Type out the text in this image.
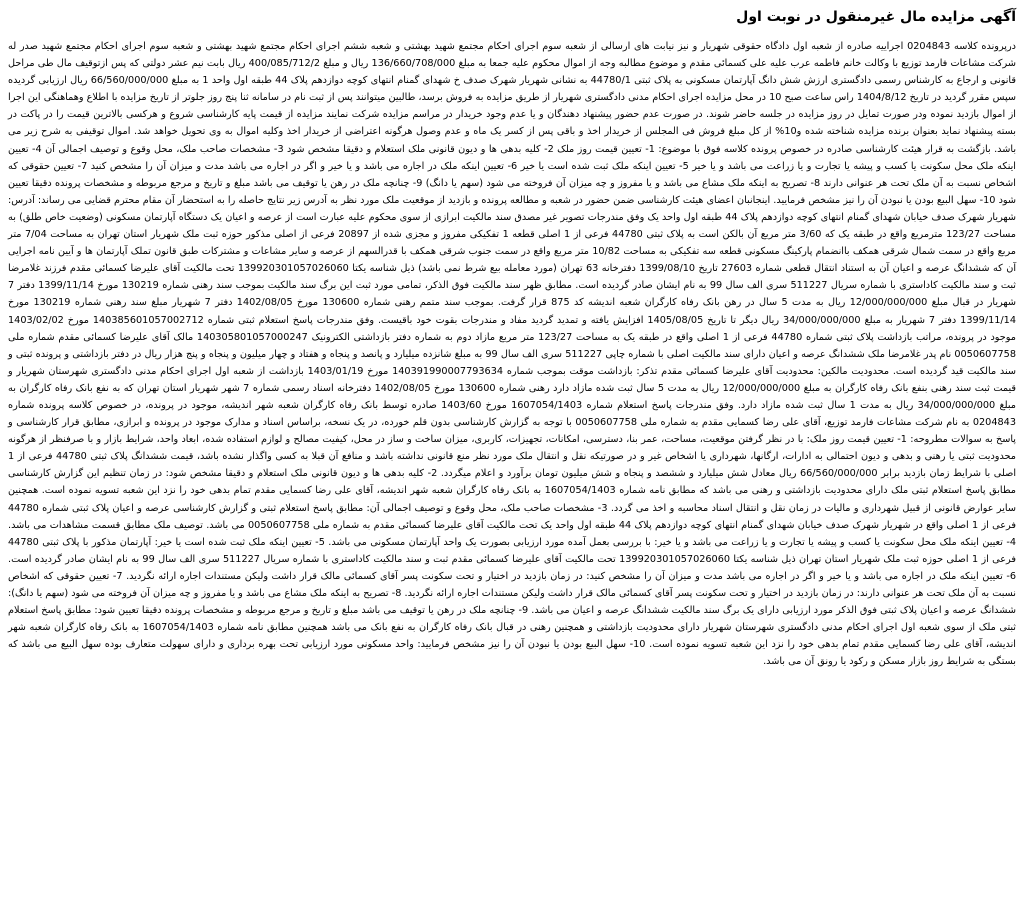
آگهی مزایده مال غیرمنقول در نوبت اول

درپرونده کلاسه 0204843 اجراییه صادره از شعبه اول دادگاه حقوقی شهریار و نیز نیابت های ارسالی از شعبه سوم اجرای احکام مجتمع شهید بهشتی و شعبه ششم اجرای احکام مجتمع شهید بهشتی و شعبه سوم اجرای احکام مجتمع شهید صدر له شرکت مشاعات فارمد توزیع با وکالت خانم فاطمه عرب علیه علی کسمائی مقدم و موضوع مطالبه وجه از اموال محکوم علیه جمعا به مبلغ 136/660/708/000 ریال و مبلغ 400/085/712/2 ریال بابت نیم عشر دولتی که پس ازتوقیف مال طی مراحل قانونی و ارجاع به کارشناس رسمی دادگستری ارزش شش دانگ آپارتمان مسکونی به پلاک ثبتی 44780/1 به نشانی شهریار شهرک صدف خ شهدای گمنام انتهای کوچه دوازدهم پلاک 44 طبقه اول واحد 1 به مبلغ 66/560/000/000 ریال ارزیابی گردیده سپس مقرر گردید در تاریخ 1404/8/12 راس ساعت صبح 10 در محل مزایده اجرای احکام مدنی دادگستری شهریار از طریق مزایده به فروش برسد، طالبین میتوانند پس از ثبت نام در سامانه ثنا پنج روز جلوتر از تاریخ مزایده با اطلاع وهماهنگی این اجرا از اموال بازدید نموده ودر صورت تمایل در روز مزایده در جلسه حاضر شوند. در صورت عدم حضور پیشنهاد دهندگان و یا عدم وجود خریدار در مراسم مزایده شرکت نمایند مزایده از قیمت پایه کارشناسی شروع و هرکسی بالاترین قیمت را در پاکت در بسته پیشنهاد نماید بعنوان برنده مزایده شناخته شده و10% از کل مبلغ فروش فی المجلس از خریدار اخذ و باقی پس از کسر یک ماه و عدم وصول هرگونه اعتراضی از خریدار اخذ وکلیه اموال به وی تحویل خواهد شد. اموال توقیفی به شرح زیر می باشد. بازگشت به قرار هیئت کارشناسی صادره در خصوص پرونده کلاسه فوق با موضوع: 1- تعیین قیمت روز ملک 2- کلیه بدهی ها و دیون قانونی ملک استعلام و دقیقا مشخص شود 3- مشخصات صاحب ملک، محل وقوع و توصیف اجمالی آن 4- تعیین اینکه ملک محل سکونت یا کسب و پیشه یا تجارت و یا زراعت می باشد و یا خیر 5- تعیین اینکه ملک ثبت شده است یا خیر 6- تعیین اینکه ملک در اجاره می باشد و یا خیر و اگر در اجاره می باشد مدت و میزان آن را مشخص کنید 7- تعیین حقوقی که اشخاص نسبت به آن ملک تحت هر عنوانی دارند 8- تصریح به اینکه ملک مشاع می باشد و یا مفروز و چه میزان آن فروخته می شود (سهم یا دانگ) 9- چنانچه ملک در رهن یا توقیف می باشد مبلغ و تاریخ و مرجع مربوطه و مشخصات پرونده دقیقا تعیین شود 10- سهل البیع بودن یا نبودن آن را نیز مشخص فرمایید. اینجانبان اعضای هیئت کارشناسی ضمن حضور در شعبه و مطالعه پرونده و بازدید از موقعیت ملک مورد نظر به آدرس زیر نتایج حاصله را به استحضار آن مقام محترم قضایی می رساند: آدرس: شهریار شهرک صدف خیابان شهدای گمنام انتهای کوچه دوازدهم پلاک 44 طبقه اول واحد یک وفق مندرجات تصویر غیر مصدق سند مالکیت ابرازی از سوی محکوم علیه عبارت است از عرصه و اعیان یک دستگاه آپارتمان مسکونی (وضعیت خاص طلق) به مساحت 123/27 مترمربع واقع در طبقه یک که 3/60 متر مربع آن بالکن است به پلاک ثبتی 44780 فرعی از 1 اصلی قطعه 1 تفکیکی مفروز و مجزی شده از 20897 فرعی از اصلی مذکور حوزه ثبت ملک شهریار استان تهران به مساحت 7/04 متر مربع واقع در سمت شمال شرقی همکف باانضمام پارکینگ مسکونی قطعه سه تفکیکی به مساحت 10/82 متر مربع واقع در سمت جنوب شرقی همکف با قدرالسهم از عرصه و سایر مشاعات و مشترکات طبق قانون تملک آپارتمان ها و آیین نامه اجرایی آن که ششدانگ عرصه و اعیان آن به استناد انتقال قطعی شماره 27603 تاریخ 1399/08/10 دفترخانه 63 تهران (مورد معامله بیع شرط نمی باشد) ذیل شناسه یکتا 139920301057026060 تحت مالکیت آقای علیرضا کسمائی مقدم فرزند غلامرضا ثبت و سند مالکیت کاداستری با شماره سریال 511227 سری الف سال 99 به نام ایشان صادر گردیده است. مطابق ظهر سند مالکیت فوق الذکر، تمامی مورد ثبت این برگ سند مالکیت بموجب سند رهنی شماره 130219 مورخ 1399/11/14 دفتر 7 شهریار در قبال مبلغ 12/000/000/000 ریال به مدت 5 سال در رهن بانک رفاه کارگران شعبه اندیشه کد 875 قرار گرفت. بموجب سند متمم رهنی شماره 130600 مورخ 1402/08/05 دفتر 7 شهریار مبلغ سند رهنی شماره 130219 مورخ 1399/11/14 دفتر 7 شهریار به مبلغ 34/000/000/000 ریال دیگر تا تاریخ 1405/08/05 افزایش یافته و تمدید گردید مفاد و مندرجات بقوت خود باقیست. وفق مندرجات پاسخ استعلام ثبتی شماره 140385601057002712 مورخ 1403/02/02 موجود در پرونده، مراتب بازداشت پلاک ثبتی شماره 44780 فرعی از 1 اصلی واقع در طبقه یک به مساحت 123/27 متر مربع مازاد دوم به شماره دفتر بازداشتی الکترونیک 140305801057000247 مالک آقای علیرضا کسمائی مقدم شماره ملی 0050607758 نام پدر غلامرضا ملک ششدانگ عرصه و اعیان دارای سند مالکیت اصلی با شماره چاپی 511227 سری الف سال 99 به مبلغ شانزده میلیارد و پانصد و پنجاه و هفتاد و چهار میلیون و پنجاه و پنج هزار ریال در دفتر بازداشتی و پرونده ثبتی و سند مالکیت قید گردیده است. محدودیت مالکین: محدودیت آقای علیرضا کسمائی مقدم تذکر: بازداشت موقت بموجب شماره 140391990007793634 مورخ 1403/01/19 بازداشت از شعبه اول اجرای احکام مدنی دادگستری شهرستان شهریار و قیمت ثبت سند رهنی بنفع بانک رفاه کارگران به مبلغ 12/000/000/000 ریال به مدت 5 سال ثبت شده مازاد دارد رهنی شماره 130600 مورخ 1402/08/05 دفترخانه اسناد رسمی شماره 7 شهر شهریار استان تهران که به نفع بانک رفاه کارگران به مبلغ 34/000/000/000 ریال به مدت 1 سال ثبت شده مازاد دارد. وفق مندرجات پاسخ استعلام شماره 1607054/1403 مورخ 1403/60 صادره توسط بانک رفاه کارگران شعبه شهر اندیشه، موجود در پرونده، در خصوص کلاسه پرونده شماره 0204843 به نام شرکت مشاعات فارمد توزیع، آقای علی رضا کسمایی مقدم به شماره ملی 0050607758 با توجه به گزارش کارشناسی بدون قلم خورده، در یک نسخه، براساس اسناد و مدارک موجود در پرونده و ابرازی، مطابق قرار کارشناسی و پاسخ به سوالات مطروحه: 1- تعیین قیمت روز ملک: با در نظر گرفتن موقعیت، مساحت، عمر بنا، دسترسی، امکانات، تجهیزات، کاربری، میزان ساخت و ساز در محل، کیفیت مصالح و لوازم استفاده شده، ابعاد واحد، شرایط بازار و با صرفنظر از هرگونه محدودیت ثبتی یا رهنی و بدهی و دیون احتمالی به ادارات، ارگانها، شهرداری یا اشخاص غیر و در صورتیکه نقل و انتقال ملک مورد نظر منع قانونی نداشته باشد و منافع آن قبلا به کسی واگذار نشده باشد، قیمت ششدانگ پلاک ثبتی 44780 فرعی از 1 اصلی با شرایط زمان بازدید برابر 66/560/000/000 ریال معادل شش میلیارد و ششصد و پنجاه و شش میلیون تومان برآورد و اعلام میگردد. 2- کلیه بدهی ها و دیون قانونی ملک استعلام و دقیقا مشخص شود: در زمان تنظیم این گزارش کارشناسی مطابق پاسخ استعلام ثبتی ملک دارای محدودیت بازداشتی و رهنی می باشد که مطابق نامه شماره 1607054/1403 به بانک رفاه کارگران شعبه شهر اندیشه، آقای علی رضا کسمایی مقدم تمام بدهی خود را نزد این شعبه تسویه نموده است. همچنین سایر عوارض قانونی از قبیل شهرداری و مالیات در زمان نقل و انتقال اسناد محاسبه و اخذ می گردد. 3- مشخصات صاحب ملک، محل وقوع و توصیف اجمالی آن: مطابق پاسخ استعلام ثبتی و گزارش کارشناسی عرصه و اعیان پلاک ثبتی شماره 44780 فرعی از 1 اصلی واقع در شهریار شهرک صدف خیابان شهدای گمنام انتهای کوچه دوازدهم پلاک 44 طبقه اول واحد یک تحت مالکیت آقای علیرضا کسمائی مقدم به شماره ملی 0050607758 می باشد. توصیف ملک مطابق قسمت مشاهدات می باشد. 4- تعیین اینکه ملک محل سکونت یا کسب و پیشه یا تجارت و یا زراعت می باشد و یا خیر: با بررسی بعمل آمده مورد ارزیابی بصورت یک واحد آپارتمان مسکونی می باشد. 5- تعیین اینکه ملک ثبت شده است یا خیر: آپارتمان مذکور با پلاک ثبتی 44780 فرعی از 1 اصلی حوزه ثبت ملک شهریار استان تهران ذیل شناسه یکتا 139920301057026060 تحت مالکیت آقای علیرضا کسمائی مقدم ثبت و سند مالکیت کاداستری با شماره سریال 511227 سری الف سال 99 به نام ایشان صادر گردیده است. 6- تعیین اینکه ملک در اجاره می باشد و یا خیر و اگر در اجاره می باشد مدت و میزان آن را مشخص کنید: در زمان بازدید در اختیار و تحت سکونت پسر آقای کسمائی مالک قرار داشت ولیکن مستندات اجاره ارائه نگردید. 7- تعیین حقوقی که اشخاص نسبت به آن ملک تحت هر عنوانی دارند: در زمان بازدید در اختیار و تحت سکونت پسر آقای کسمائی مالک قرار داشت ولیکن مستندات اجاره ارائه نگردید. 8- تصریح به اینکه ملک مشاع می باشد و یا مفروز و چه میزان آن فروخته می شود (سهم یا دانگ): ششدانگ عرصه و اعیان پلاک ثبتی فوق الذکر مورد ارزیابی دارای یک برگ سند مالکیت ششدانگ عرصه و اعیان می باشد. 9- چنانچه ملک در رهن یا توقیف می باشد مبلغ و تاریخ و مرجع مربوطه و مشخصات پرونده دقیقا تعیین شود: مطابق پاسخ استعلام ثبتی ملک از سوی شعبه اول اجرای احکام مدنی دادگستری شهرستان شهریار دارای محدودیت بازداشتی و همچنین رهنی در قبال بانک رفاه کارگران به نفع بانک می باشد همچنین مطابق نامه شماره 1607054/1403 به بانک رفاه کارگران شعبه شهر اندیشه، آقای علی رضا کسمایی مقدم تمام بدهی خود را نزد این شعبه تسویه نموده است. 10- سهل البیع بودن یا نبودن آن را نیز مشخص فرمایید: واحد مسکونی مورد ارزیابی تحت بهره برداری و دارای سهولت متعارف بوده سهل البیع می باشد که بستگی به شرایط روز بازار مسکن و رکود یا رونق آن می باشد.
